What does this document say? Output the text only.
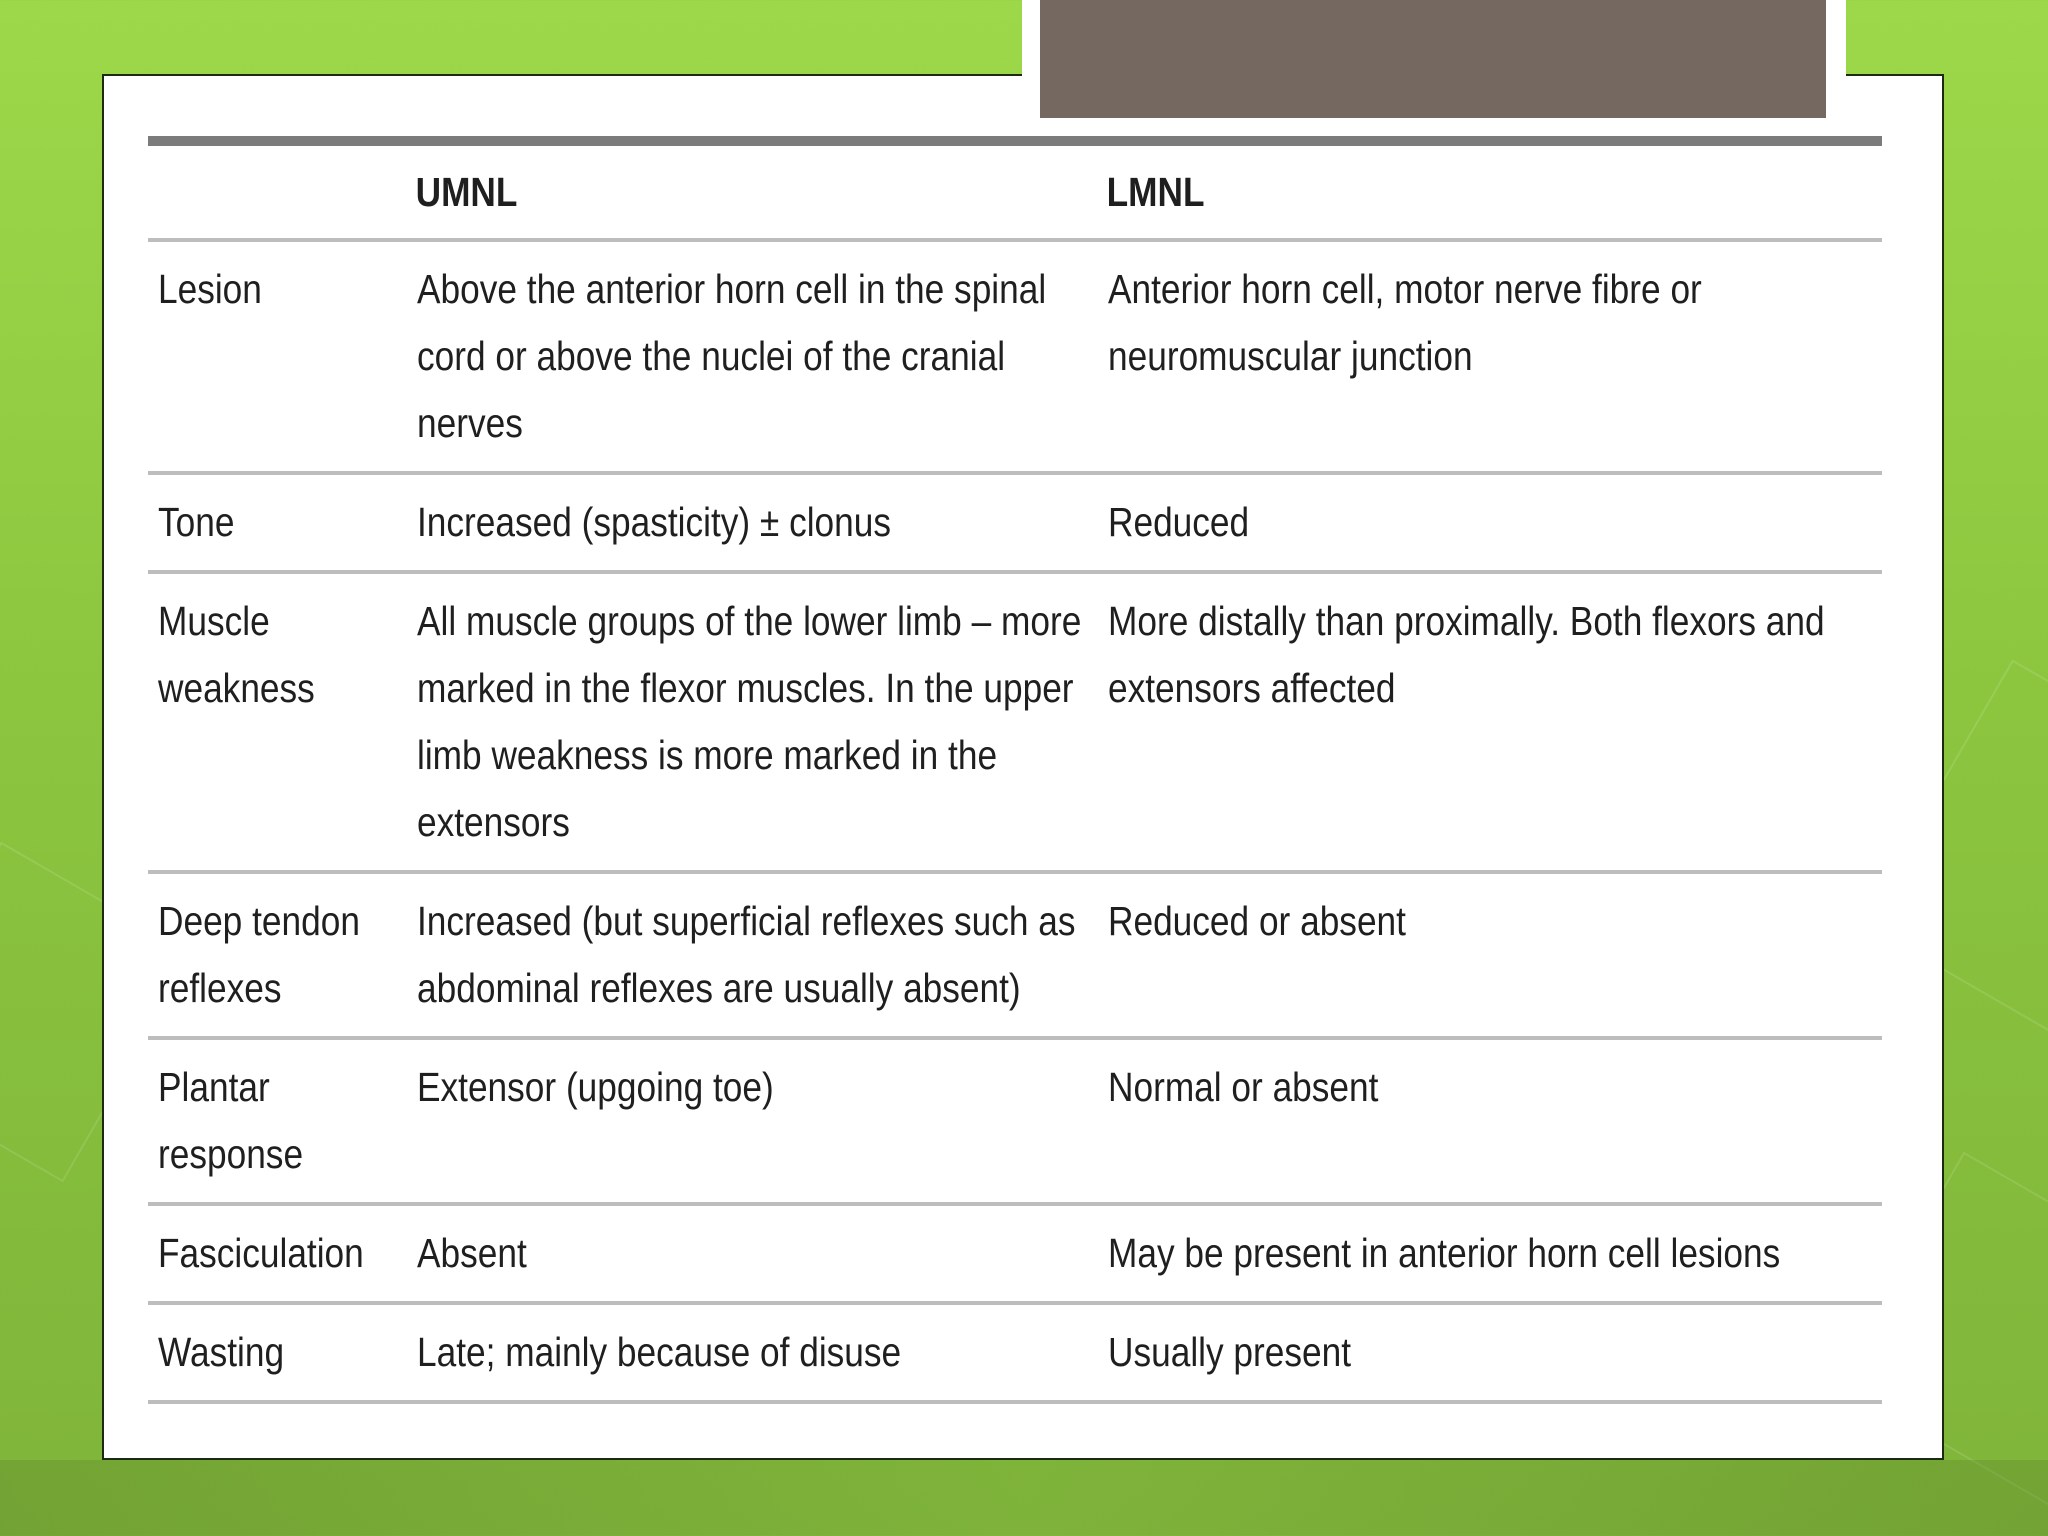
	UMNL	LMNL
Lesion	Above the anterior horn cell in the spinal cord or above the nuclei of the cranial nerves	Anterior horn cell, motor nerve fibre or neuromuscular junction
Tone	Increased (spasticity) ± clonus	Reduced
Muscle weakness	All muscle groups of the lower limb – more marked in the flexor muscles. In the upper limb weakness is more marked in the extensors	More distally than proximally. Both flexors and extensors affected
Deep tendon reflexes	Increased (but superficial reflexes such as abdominal reflexes are usually absent)	Reduced or absent
Plantar response	Extensor (upgoing toe)	Normal or absent
Fasciculation	Absent	May be present in anterior horn cell lesions
Wasting	Late; mainly because of disuse	Usually present
